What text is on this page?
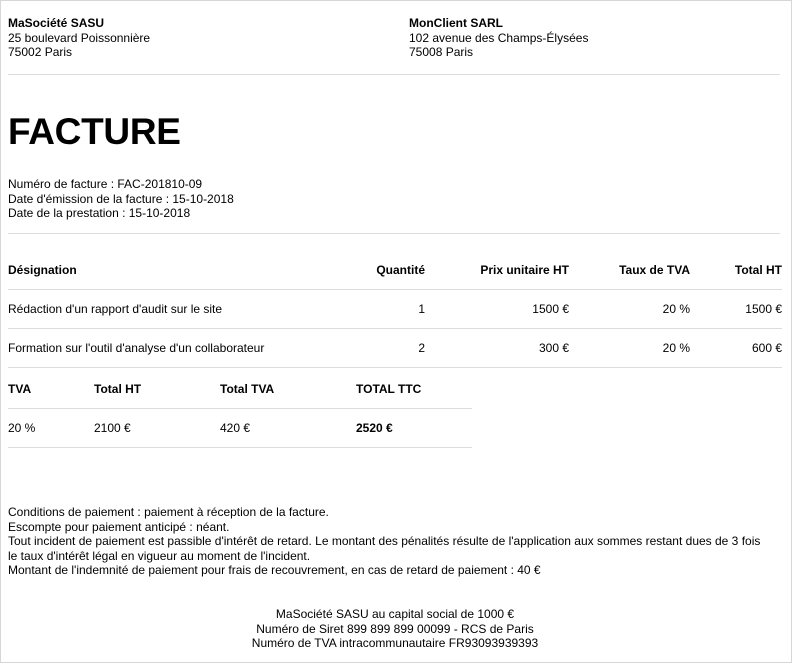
MaSociété SASU
25 boulevard Poissonnière
75002 Paris
MonClient SARL
102 avenue des Champs-Élysées
75008 Paris
FACTURE
Numéro de facture : FAC-201810-09
Date d'émission de la facture : 15-10-2018
Date de la prestation : 15-10-2018
Désignation	Quantité	Prix unitaire HT	Taux de TVA	Total HT
Rédaction d'un rapport d'audit sur le site	1	1500 €	20 %	1500 €
Formation sur l'outil d'analyse d'un collaborateur	2	300 €	20 %	600 €
TVA	Total HT	Total TVA	TOTAL TTC
20 %	2100 €	420 €	2520 €
Conditions de paiement : paiement à réception de la facture.
Escompte pour paiement anticipé : néant.
Tout incident de paiement est passible d'intérêt de retard. Le montant des pénalités résulte de l'application aux sommes restant dues de 3 fois
le taux d'intérêt légal en vigueur au moment de l'incident.
Montant de l'indemnité de paiement pour frais de recouvrement, en cas de retard de paiement : 40 €
MaSociété SASU au capital social de 1000 €
Numéro de Siret 899 899 899 00099 - RCS de Paris
Numéro de TVA intracommunautaire FR93093939393
